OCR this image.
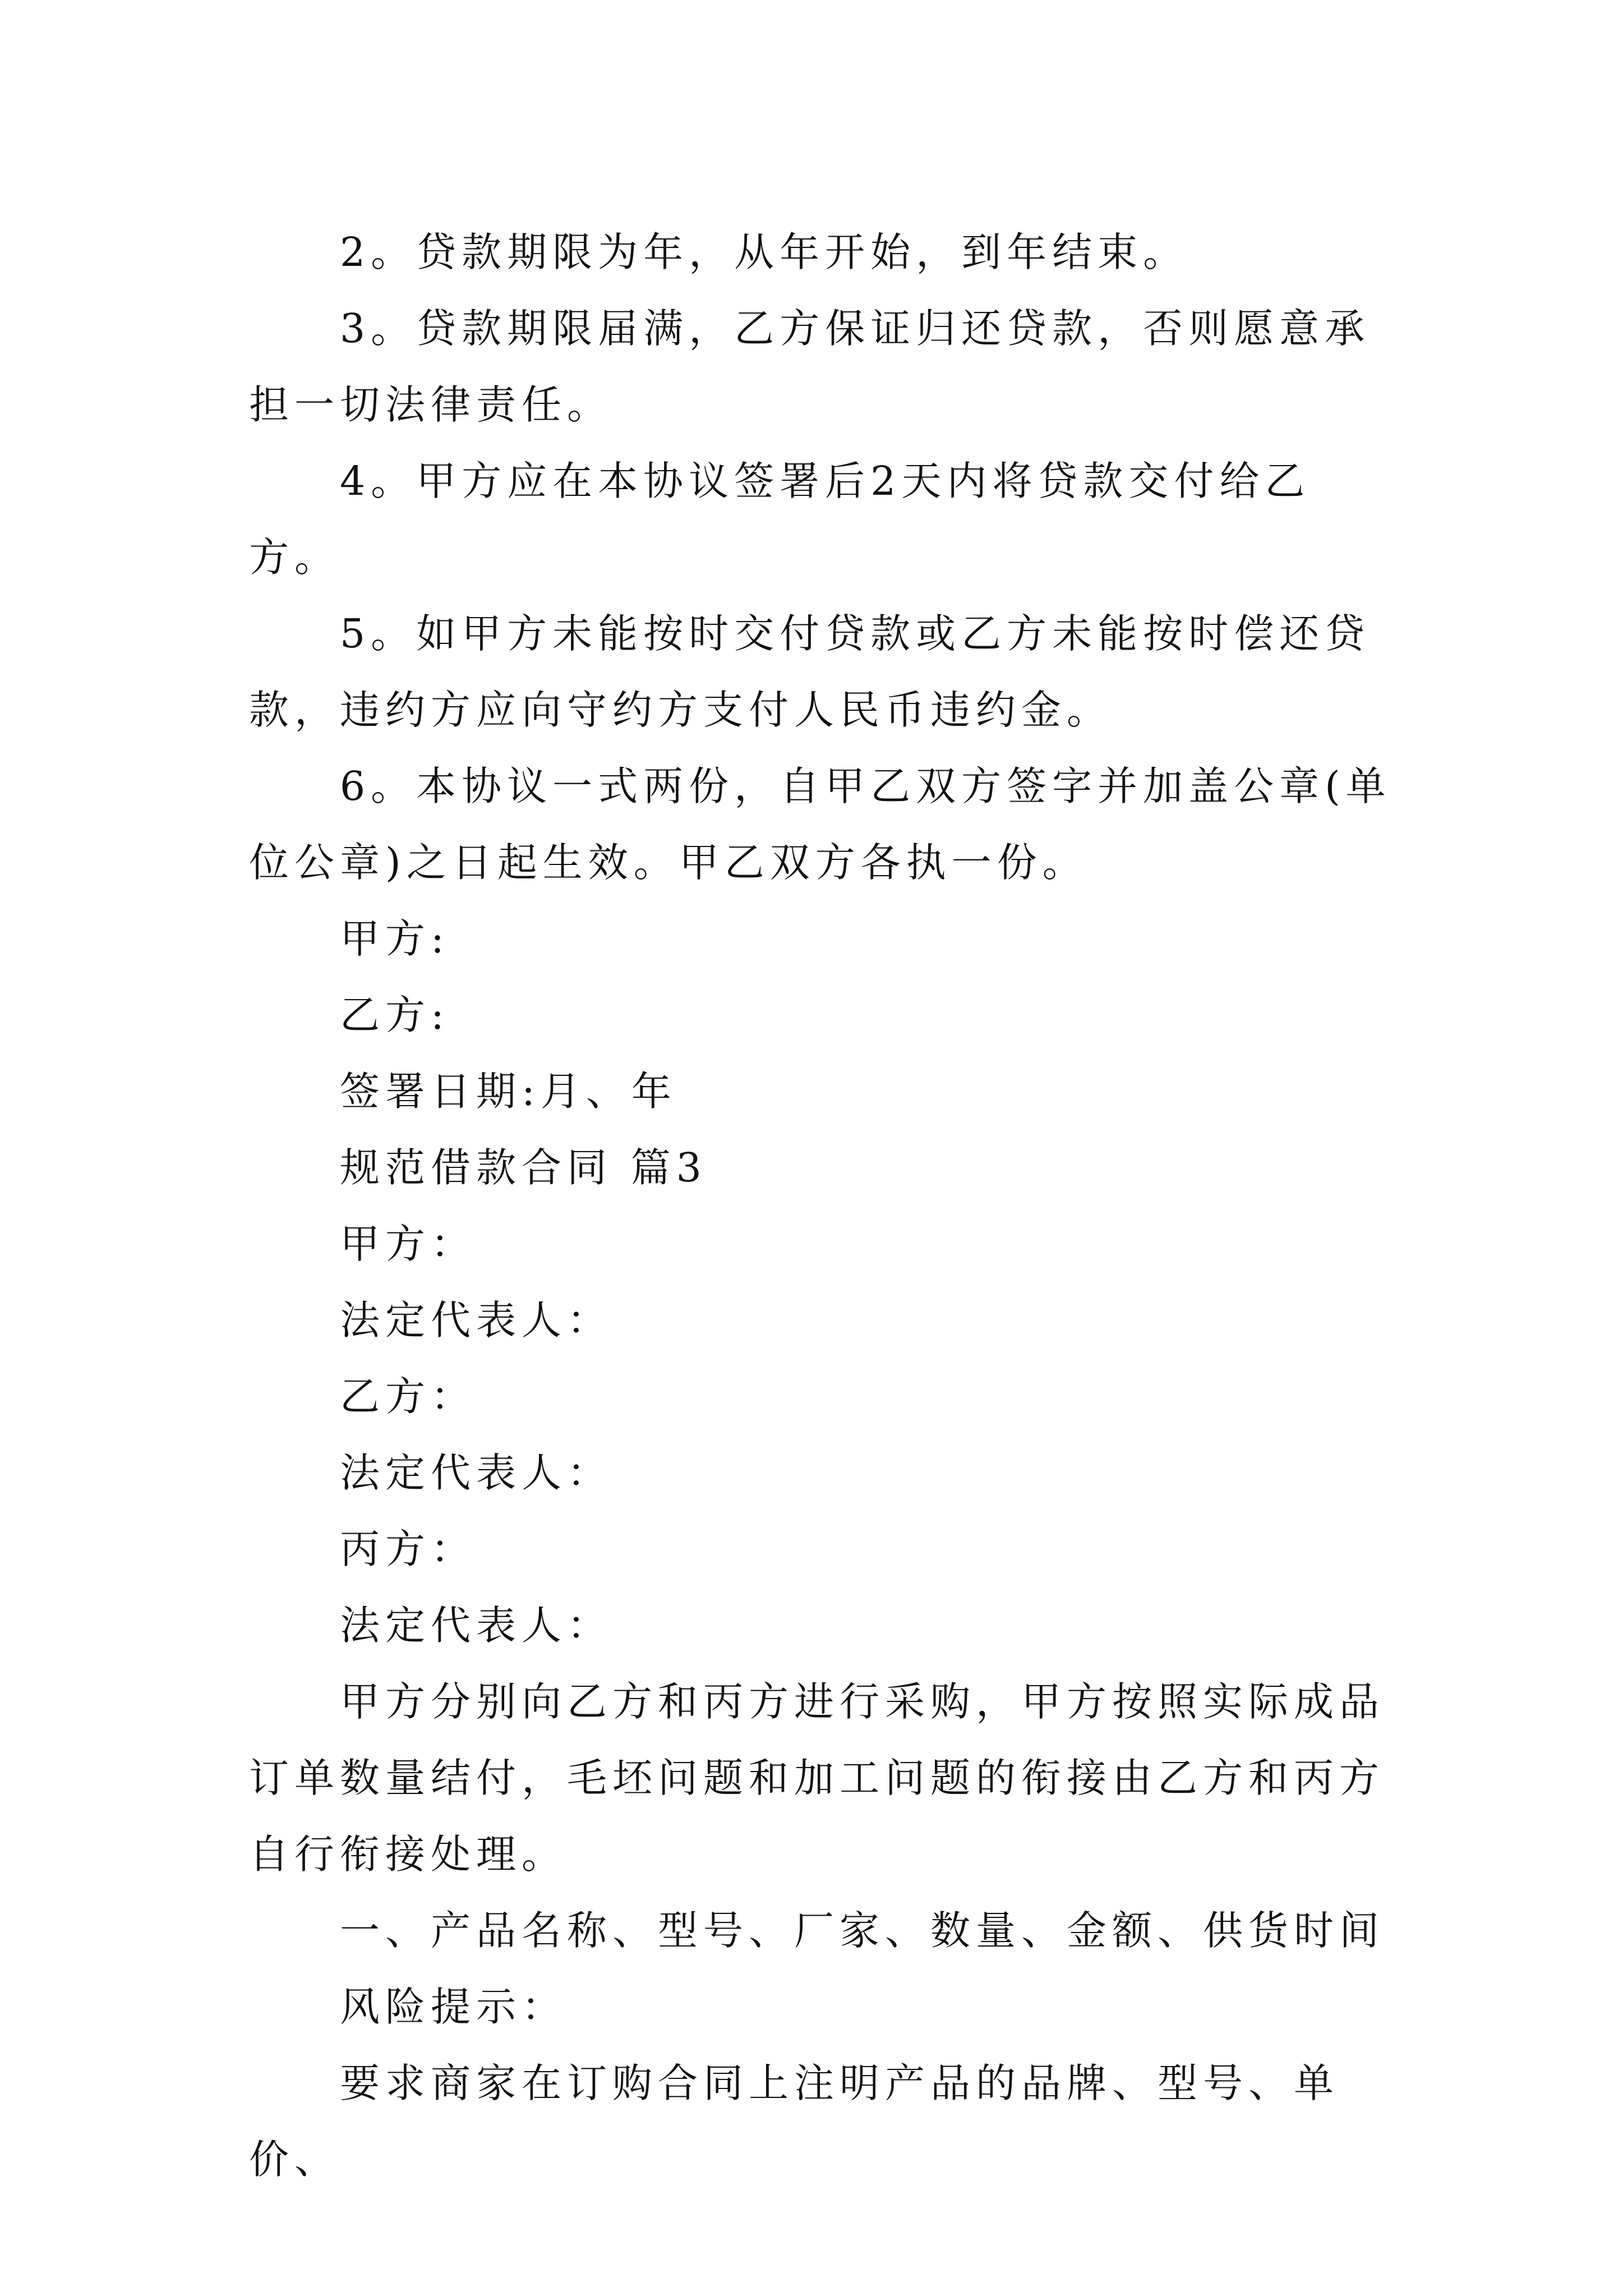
2。贷款期限为年，从年开始，到年结束。

3。贷款期限届满，乙方保证归还贷款，否则愿意承担一切法律责任。

4。甲方应在本协议签署后2天内将贷款交付给乙方。

5。如甲方未能按时交付贷款或乙方未能按时偿还贷款，违约方应向守约方支付人民币违约金。

6。本协议一式两份，自甲乙双方签字并加盖公章(单位公章)之日起生效。甲乙双方各执一份。

甲方:

乙方:

签署日期:月、年

规范借款合同 篇3

甲方：

法定代表人：

乙方：

法定代表人：

丙方：

法定代表人：

甲方分别向乙方和丙方进行采购，甲方按照实际成品订单数量结付，毛坯问题和加工问题的衔接由乙方和丙方自行衔接处理。

一、产品名称、型号、厂家、数量、金额、供货时间

风险提示：

要求商家在订购合同上注明产品的品牌、型号、单价、
